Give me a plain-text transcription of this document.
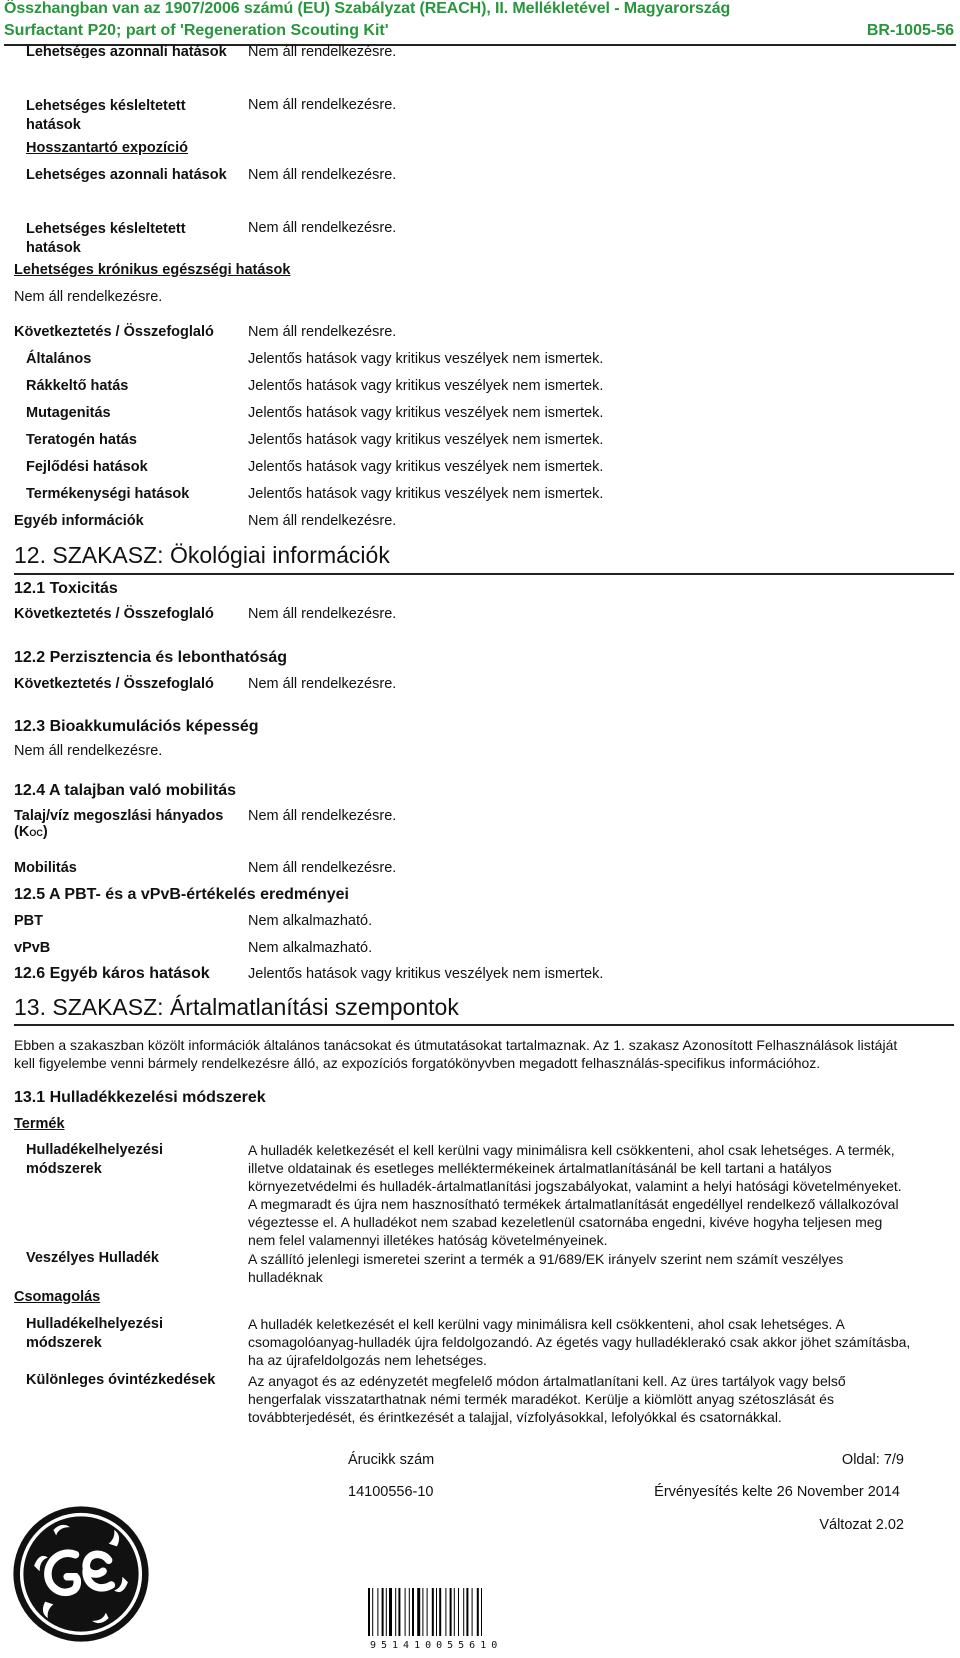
Összhangban van az 1907/2006 számú (EU) Szabályzat (REACH), II. Mellékletével - Magyarország
Surfactant P20; part of 'Regeneration Scouting Kit'	BR-1005-56
Lehetséges azonnali hatások Nem áll rendelkezésre.
Lehetséges késleltetett hatások
Nem áll rendelkezésre.
Hosszantartó expozíció
Lehetséges azonnali hatások Nem áll rendelkezésre.
Lehetséges késleltetett hatások
Nem áll rendelkezésre.
Lehetséges krónikus egészségi hatások
Nem áll rendelkezésre.
Következtetés / Összefoglaló Nem áll rendelkezésre.
Általános	Jelentős hatások vagy kritikus veszélyek nem ismertek.
Rákkeltő hatás	Jelentős hatások vagy kritikus veszélyek nem ismertek.
Mutagenitás	Jelentős hatások vagy kritikus veszélyek nem ismertek.
Teratogén hatás	Jelentős hatások vagy kritikus veszélyek nem ismertek.
Fejlődési hatások	Jelentős hatások vagy kritikus veszélyek nem ismertek.
Termékenységi hatások	Jelentős hatások vagy kritikus veszélyek nem ismertek.
Egyéb információk	Nem áll rendelkezésre.
12. SZAKASZ: Ökológiai információk
12.1 Toxicitás
Következtetés / Összefoglaló Nem áll rendelkezésre.
12.2 Perzisztencia és lebonthatóság
Következtetés / Összefoglaló Nem áll rendelkezésre.
12.3 Bioakkumulációs képesség
Nem áll rendelkezésre.
12.4 A talajban való mobilitás
Talaj/víz megoszlási hányados
(KOC)
Nem áll rendelkezésre.
Mobilitás	Nem áll rendelkezésre.
12.5 A PBT- és a vPvB-értékelés eredményei
PBT	Nem alkalmazható.
vPvB	Nem alkalmazható.
12.6 Egyéb káros hatások	Jelentős hatások vagy kritikus veszélyek nem ismertek.
13. SZAKASZ: Ártalmatlanítási szempontok
Ebben a szakaszban közölt információk általános tanácsokat és útmutatásokat tartalmaznak. Az 1. szakasz Azonosított Felhasználások listáját kell figyelembe venni bármely rendelkezésre álló, az expozíciós forgatókönyvben megadott felhasználás-specifikus információhoz.
13.1 Hulladékkezelési módszerek
Termék
Hulladékelhelyezési módszerek
A hulladék keletkezését el kell kerülni vagy minimálisra kell csökkenteni, ahol csak lehetséges. A termék, illetve oldatainak és esetleges melléktermékeinek ártalmatlanításánál be kell tartani a hatályos környezetvédelmi és hulladék-ártalmatlanítási jogszabályokat, valamint a helyi hatósági követelményeket. A megmaradt és újra nem hasznosítható termékek ártalmatlanítását engedéllyel rendelkező vállalkozóval végeztesse el. A hulladékot nem szabad kezeletlenül csatornába engedni, kivéve hogyha teljesen meg nem felel valamennyi illetékes hatóság követelményeinek.
Veszélyes Hulladék	A szállító jelenlegi ismeretei szerint a termék a 91/689/EK irányelv szerint nem számít veszélyes hulladéknak
Csomagolás
Hulladékelhelyezési módszerek
A hulladék keletkezését el kell kerülni vagy minimálisra kell csökkenteni, ahol csak lehetséges. A csomagolóanyag-hulladék újra feldolgozandó. Az égetés vagy hulladéklerakó csak akkor jöhet számításba, ha az újrafeldolgozás nem lehetséges.
Különleges óvintézkedések Az anyagot és az edényzetét megfelelő módon ártalmatlanítani kell. Az üres tartályok vagy belső hengerfalak visszatarthatnak némi termék maradékot. Kerülje a kiömlött anyag szétoszlását és továbbterjedését, és érintkezését a talajjal, vízfolyásokkal, lefolyókkal és csatornákkal.
Árucikk szám	Oldal: 7/9
14100556-10	Érvényesítés kelte 26 November 2014
951410055610
Változat 2.02
